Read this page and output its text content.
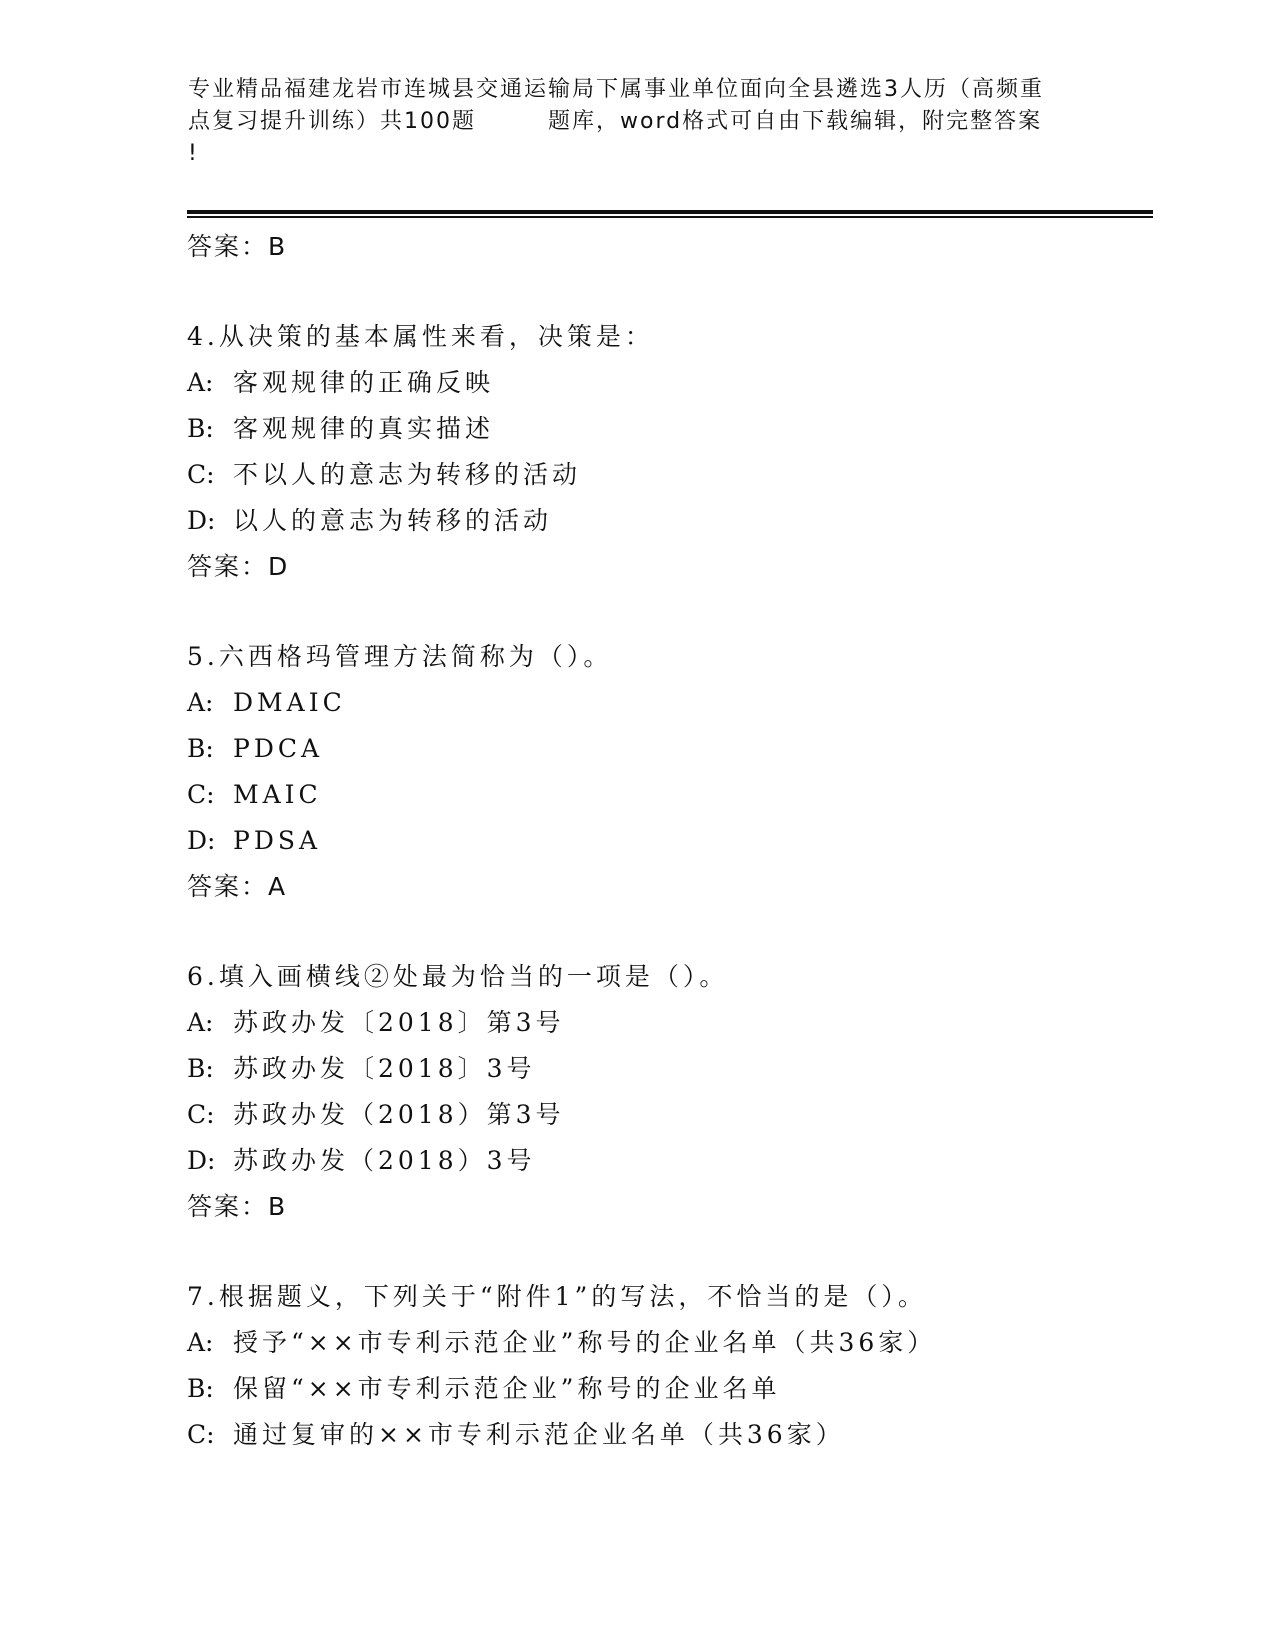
专业精品福建龙岩市连城县交通运输局下属事业单位面向全县遴选3人历（高频重
点复习提升训练）共100题	题库，word格式可自由下载编辑，附完整答案
!
答案：B
4.从决策的基本属性来看，决策是：
A: 客观规律的正确反映
B: 客观规律的真实描述
C: 不以人的意志为转移的活动
D: 以人的意志为转移的活动
答案：D
5.六西格玛管理方法简称为（）。
A: DMAIC
B: PDCA
C: MAIC
D: PDSA
答案：A
6.填入画横线②处最为恰当的一项是（）。
A: 苏政办发〔2018〕第3号
B: 苏政办发〔2018〕3号
C: 苏政办发（2018）第3号
D: 苏政办发（2018）3号
答案：B
7.根据题义，下列关于“附件1”的写法，不恰当的是（）。
A: 授予“××市专利示范企业”称号的企业名单（共36家）
B: 保留“××市专利示范企业”称号的企业名单
C: 通过复审的××市专利示范企业名单（共36家）
